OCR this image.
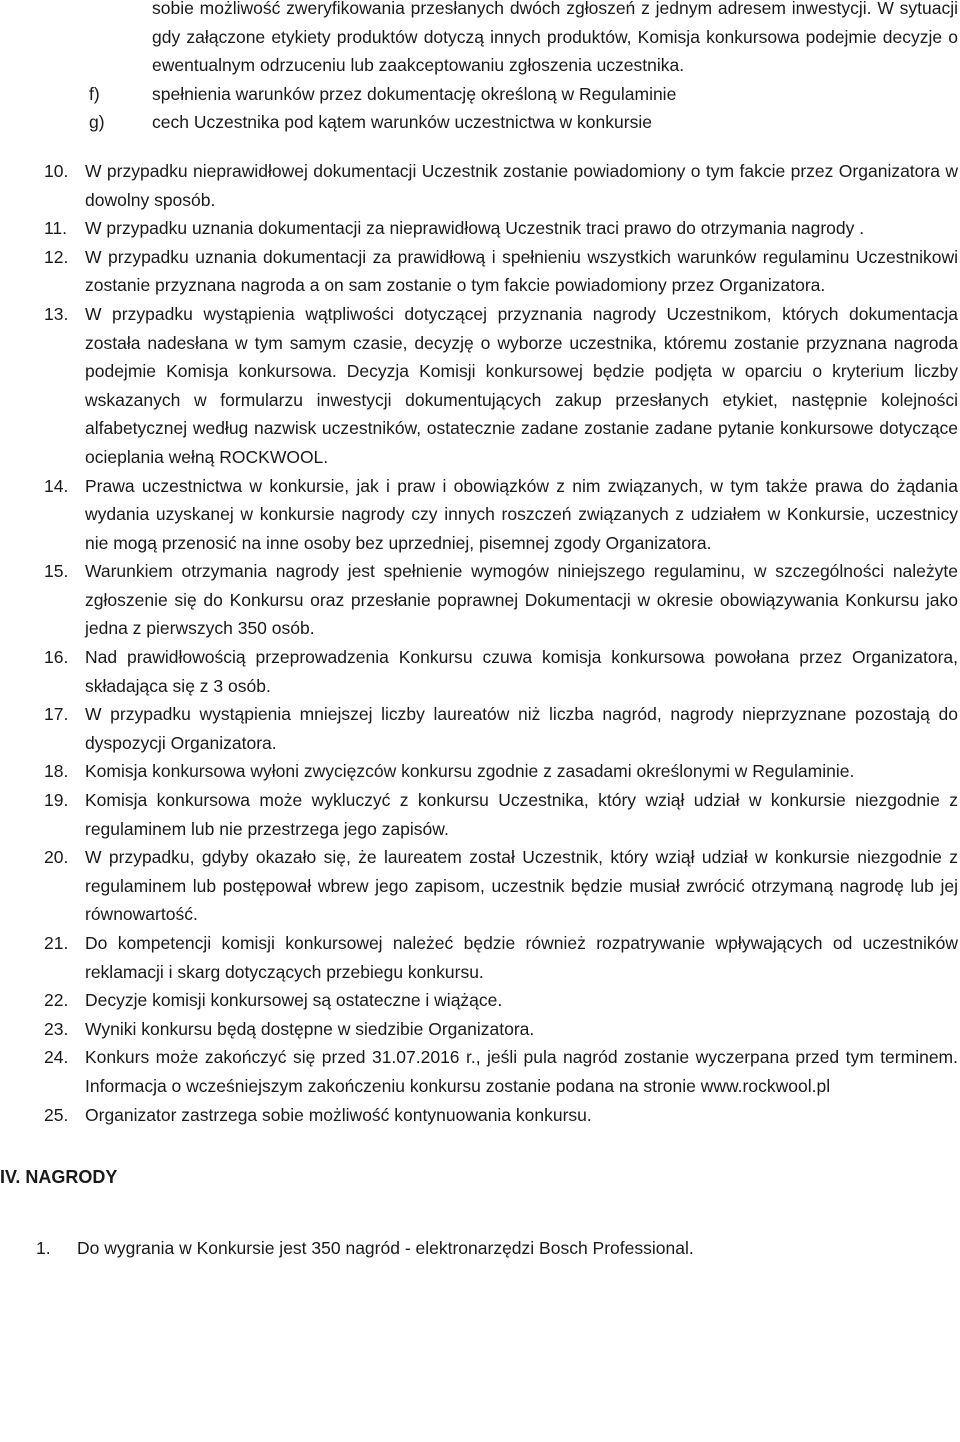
sobie możliwość zweryfikowania przesłanych dwóch zgłoszeń z jednym adresem inwestycji. W sytuacji gdy załączone etykiety produktów dotyczą innych produktów, Komisja konkursowa podejmie decyzje o ewentualnym odrzuceniu lub zaakceptowaniu zgłoszenia uczestnika.
f)	spełnienia warunków przez dokumentację określoną w Regulaminie
g)	cech Uczestnika pod kątem warunków uczestnictwa w konkursie
10. W przypadku nieprawidłowej dokumentacji Uczestnik zostanie powiadomiony o tym fakcie przez Organizatora w dowolny sposób.
11.	W przypadku uznania dokumentacji za nieprawidłową Uczestnik traci prawo do otrzymania nagrody .
12. W przypadku uznania dokumentacji za prawidłową i spełnieniu wszystkich warunków regulaminu Uczestnikowi zostanie przyznana nagroda a on sam zostanie o tym fakcie powiadomiony przez Organizatora.
13. W przypadku wystąpienia wątpliwości dotyczącej przyznania nagrody Uczestnikom, których dokumentacja została nadesłana w tym samym czasie, decyzję o wyborze uczestnika, któremu zostanie przyznana nagroda podejmie Komisja konkursowa. Decyzja Komisji konkursowej będzie podjęta w oparciu o kryterium liczby wskazanych w formularzu inwestycji dokumentujących zakup przesłanych etykiet, następnie kolejności alfabetycznej według nazwisk uczestników, ostatecznie zadane zostanie zadane pytanie konkursowe dotyczące ocieplania wełną ROCKWOOL.
14. Prawa uczestnictwa w konkursie, jak i praw i obowiązków z nim związanych, w tym także prawa do żądania wydania uzyskanej w konkursie nagrody czy innych roszczeń związanych z udziałem w Konkursie, uczestnicy nie mogą przenosić na inne osoby bez uprzedniej, pisemnej zgody Organizatora.
15. Warunkiem otrzymania nagrody jest spełnienie wymogów niniejszego regulaminu, w szczególności należyte zgłoszenie się do Konkursu oraz przesłanie poprawnej Dokumentacji w okresie obowiązywania Konkursu jako jedna z pierwszych 350 osób.
16. Nad prawidłowością przeprowadzenia Konkursu czuwa komisja konkursowa powołana przez Organizatora, składająca się z 3 osób.
17. W przypadku wystąpienia mniejszej liczby laureatów niż liczba nagród, nagrody nieprzyznane pozostają do dyspozycji Organizatora.
18. Komisja konkursowa wyłoni zwycięzców konkursu zgodnie z zasadami określonymi w Regulaminie.
19. Komisja konkursowa może wykluczyć z konkursu Uczestnika, który wziął udział w konkursie niezgodnie z regulaminem lub nie przestrzega jego zapisów.
20. W przypadku, gdyby okazało się, że laureatem został Uczestnik, który wziął udział w konkursie niezgodnie z regulaminem lub postępował wbrew jego zapisom, uczestnik będzie musiał zwrócić otrzymaną nagrodę lub jej równowartość.
21. Do kompetencji komisji konkursowej należeć będzie również rozpatrywanie wpływających od uczestników reklamacji i skarg dotyczących przebiegu konkursu.
22. Decyzje komisji konkursowej są ostateczne i wiążące.
23. Wyniki konkursu będą dostępne w siedzibie Organizatora.
24. Konkurs może zakończyć się przed 31.07.2016 r., jeśli pula nagród zostanie wyczerpana przed tym terminem. Informacja o wcześniejszym zakończeniu konkursu zostanie podana na stronie www.rockwool.pl
25. Organizator zastrzega sobie możliwość kontynuowania konkursu.
IV. NAGRODY
1.	Do wygrania w Konkursie jest 350 nagród - elektronarzędzi Bosch Professional.
